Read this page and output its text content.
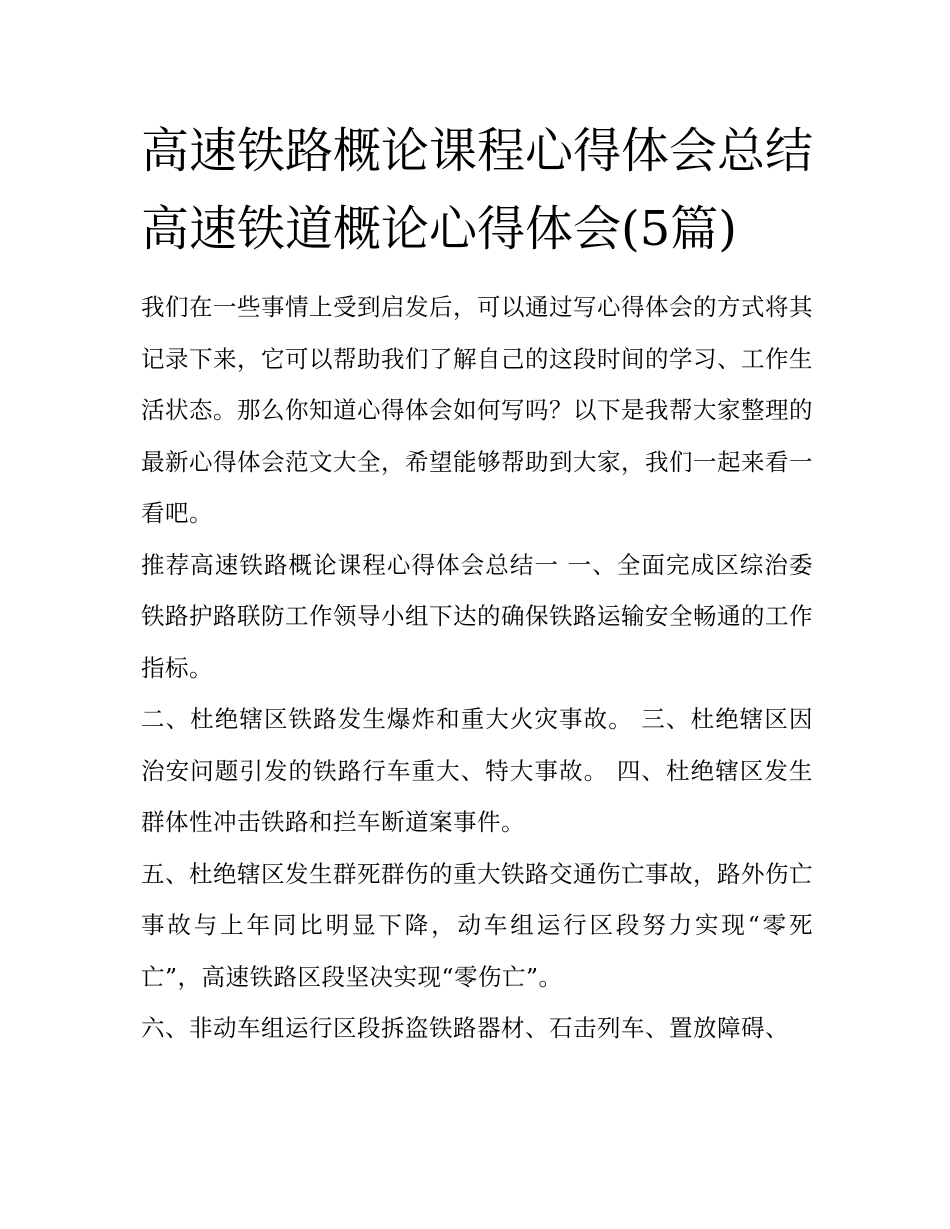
高速铁路概论课程心得体会总结 高速铁道概论心得体会(5篇)

我们在一些事情上受到启发后，可以通过写心得体会的方式将其记录下来，它可以帮助我们了解自己的这段时间的学习、工作生活状态。那么你知道心得体会如何写吗？以下是我帮大家整理的最新心得体会范文大全，希望能够帮助到大家，我们一起来看一看吧。

推荐高速铁路概论课程心得体会总结一 一、全面完成区综治委铁路护路联防工作领导小组下达的确保铁路运输安全畅通的工作指标。

二、杜绝辖区铁路发生爆炸和重大火灾事故。 三、杜绝辖区因治安问题引发的铁路行车重大、特大事故。 四、杜绝辖区发生群体性冲击铁路和拦车断道案事件。

五、杜绝辖区发生群死群伤的重大铁路交通伤亡事故，路外伤亡事故与上年同比明显下降，动车组运行区段努力实现“零死亡”，高速铁路区段坚决实现“零伤亡”。

六、非动车组运行区段拆盗铁路器材、石击列车、置放障碍、
